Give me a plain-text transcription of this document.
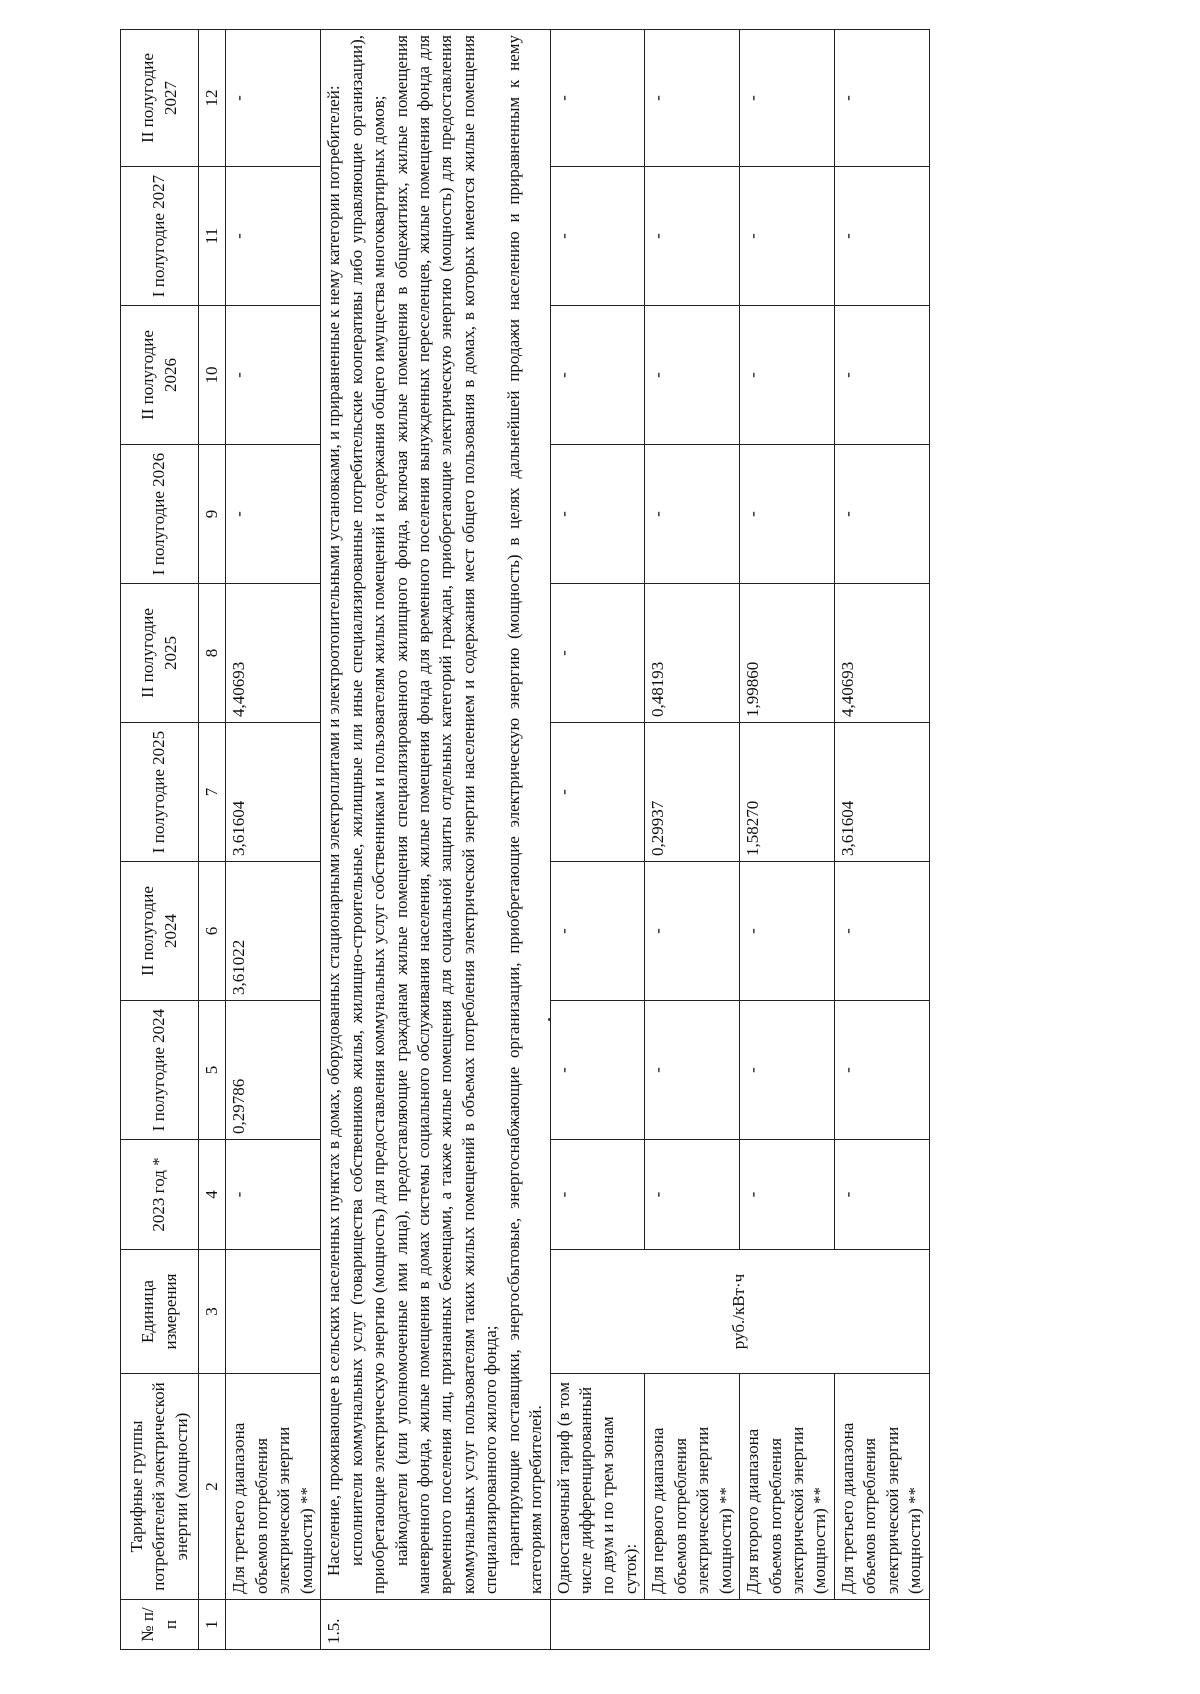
№ п/п	Тарифные группы потребителей электрической энергии (мощности)	Единица измерения	2023 год *	I полугодие 2024	II полугодие 2024	I полугодие 2025	II полугодие 2025	I полугодие 2026	II полугодие 2026	I полугодие 2027	II полугодие 2027
1	2	3	4	5	6	7	8	9	10	11	12
	Для третьего диапазона объемов потребления электрической энергии (мощности) **		-	0,29786	3,61022	3,61604	4,40693	-	-	-	-
1.5.	Население, проживающее в сельских населенных пунктах в домах, оборудованных стационарными электроплитами и электроотопительными установками, и приравненные к нему категории потребителей: исполнители коммунальных услуг (товарищества собственников жилья, жилищно-строительные, жилищные или иные специализированные потребительские кооперативы либо управляющие организации), приобретающие электрическую энергию (мощность) для предоставления коммунальных услуг собственникам и пользователям жилых помещений и содержания общего имущества многоквартирных домов; наймодатели (или уполномоченные ими лица), предоставляющие гражданам жилые помещения специализированного жилищного фонда, включая жилые помещения в общежитиях, жилые помещения маневренного фонда, жилые помещения в домах системы социального обслуживания населения, жилые помещения фонда для временного поселения вынужденных переселенцев, жилые помещения фонда для временного поселения лиц, признанных беженцами, а также жилые помещения для социальной защиты отдельных категорий граждан, приобретающие электрическую энергию (мощность) для предоставления коммунальных услуг пользователям таких жилых помещений в объемах потребления электрической энергии населением и содержания мест общего пользования в домах, в которых имеются жилые помещения специализированного жилого фонда; гарантирующие поставщики, энергосбытовые, энергоснабжающие организации, приобретающие электрическую энергию (мощность) в целях дальнейшей продажи населению и приравненным к нему категориям потребителей.										

	Одноставочный тариф (в том числе дифференцированный по двум и по трем зонам суток):	руб./кВт·ч	-	-	-	-	-	-	-	-	-
	Для первого диапазона объемов потребления электрической энергии (мощности) **		-	-	-	0,29937	0,48193	-	-	-	-
	Для второго диапазона объемов потребления электрической энергии (мощности) **		-	-	-	1,58270	1,99860	-	-	-	-
	Для третьего диапазона объемов потребления электрической энергии (мощности) **		-	-	-	3,61604	4,40693	-	-	-	-
